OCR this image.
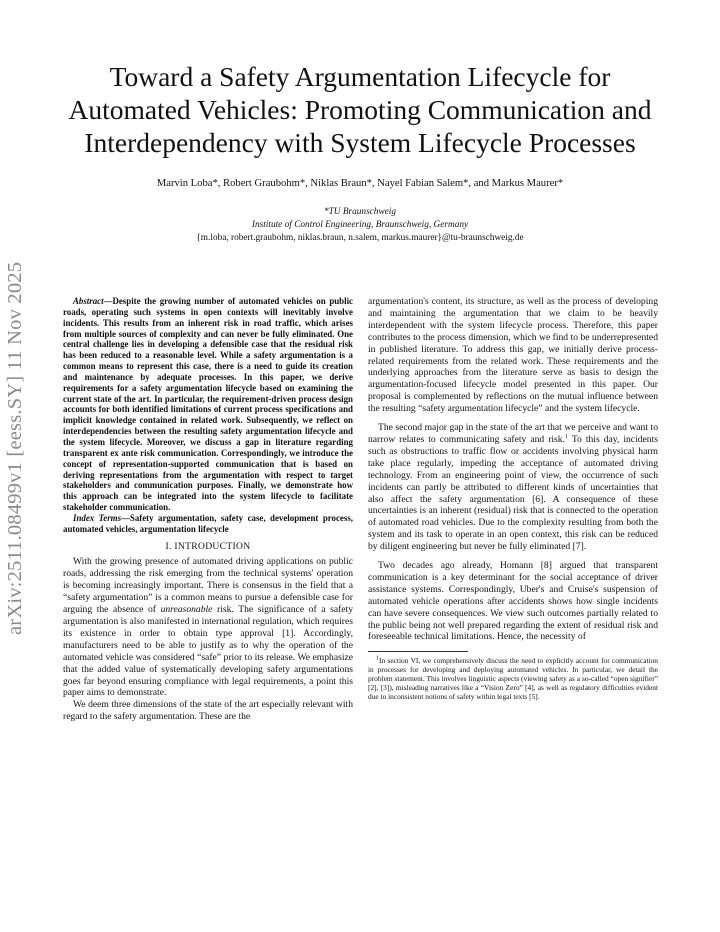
arXiv:2511.08499v1 [eess.SY] 11 Nov 2025
Toward a Safety Argumentation Lifecycle for
Automated Vehicles: Promoting Communication and
Interdependency with System Lifecycle Processes
Marvin Loba*, Robert Graubohm*, Niklas Braun*, Nayel Fabian Salem*, and Markus Maurer*
*TU Braunschweig
Institute of Control Engineering, Braunschweig, Germany
{m.loba, robert.graubohm, niklas.braun, n.salem, markus.maurer}@tu-braunschweig.de

Abstract—Despite the growing number of automated vehicles on public roads, operating such systems in open contexts will inevitably involve incidents. This results from an inherent risk in road traffic, which arises from multiple sources of complexity and can never be fully eliminated. One central challenge lies in developing a defensible case that the residual risk has been reduced to a reasonable level. While a safety argumentation is a common means to represent this case, there is a need to guide its creation and maintenance by adequate processes. In this paper, we derive requirements for a safety argumentation lifecycle based on examining the current state of the art. In particular, the requirement-driven process design accounts for both identified limitations of current process specifications and implicit knowledge contained in related work. Subsequently, we reflect on interdependencies between the resulting safety argumentation lifecycle and the system lifecycle. Moreover, we discuss a gap in literature regarding transparent ex ante risk communication. Correspondingly, we introduce the concept of representation-supported communication that is based on deriving representations from the argumentation with respect to target stakeholders and communication purposes. Finally, we demonstrate how this approach can be integrated into the system lifecycle to facilitate stakeholder communication.

Index Terms—Safety argumentation, safety case, development process, automated vehicles, argumentation lifecycle

I. INTRODUCTION

With the growing presence of automated driving applications on public roads, addressing the risk emerging from the technical systems' operation is becoming increasingly important. There is consensus in the field that a “safety argumentation” is a common means to pursue a defensible case for arguing the absence of unreasonable risk. The significance of a safety argumentation is also manifested in international regulation, which requires its existence in order to obtain type approval [1]. Accordingly, manufacturers need to be able to justify as to why the operation of the automated vehicle was considered “safe” prior to its release. We emphasize that the added value of systematically developing safety argumentations goes far beyond ensuring compliance with legal requirements, a point this paper aims to demonstrate.

We deem three dimensions of the state of the art especially relevant with regard to the safety argumentation. These are the

argumentation's content, its structure, as well as the process of developing and maintaining the argumentation that we claim to be heavily interdependent with the system lifecycle process. Therefore, this paper contributes to the process dimension, which we find to be underrepresented in published literature. To address this gap, we initially derive process-related requirements from the related work. These requirements and the underlying approaches from the literature serve as basis to design the argumentation-focused lifecycle model presented in this paper. Our proposal is complemented by reflections on the mutual influence between the resulting “safety argumentation lifecycle” and the system lifecycle.

The second major gap in the state of the art that we perceive and want to narrow relates to communicating safety and risk.$^1$ To this day, incidents such as obstructions to traffic flow or accidents involving physical harm take place regularly, impeding the acceptance of automated driving technology. From an engineering point of view, the occurrence of such incidents can partly be attributed to different kinds of uncertainties that also affect the safety argumentation [6]. A consequence of these uncertainties is an inherent (residual) risk that is connected to the operation of automated road vehicles. Due to the complexity resulting from both the system and its task to operate in an open context, this risk can be reduced by diligent engineering but never be fully eliminated [7].

Two decades ago already, Homann [8] argued that transparent communication is a key determinant for the social acceptance of driver assistance systems. Correspondingly, Uber's and Cruise's suspension of automated vehicle operations after accidents shows how single incidents can have severe consequences. We view such outcomes partially related to the public being not well prepared regarding the extent of residual risk and foreseeable technical limitations. Hence, the necessity of

$^1$In section VI, we comprehensively discuss the need to explicitly account for communication in processes for developing and deploying automated vehicles. In particular, we detail the problem statement. This involves linguistic aspects (viewing safety as a so-called “open signifier” [2], [3]), misleading narratives like a “Vision Zero” [4], as well as regulatory difficulties evident due to inconsistent notions of safety within legal texts [5].
